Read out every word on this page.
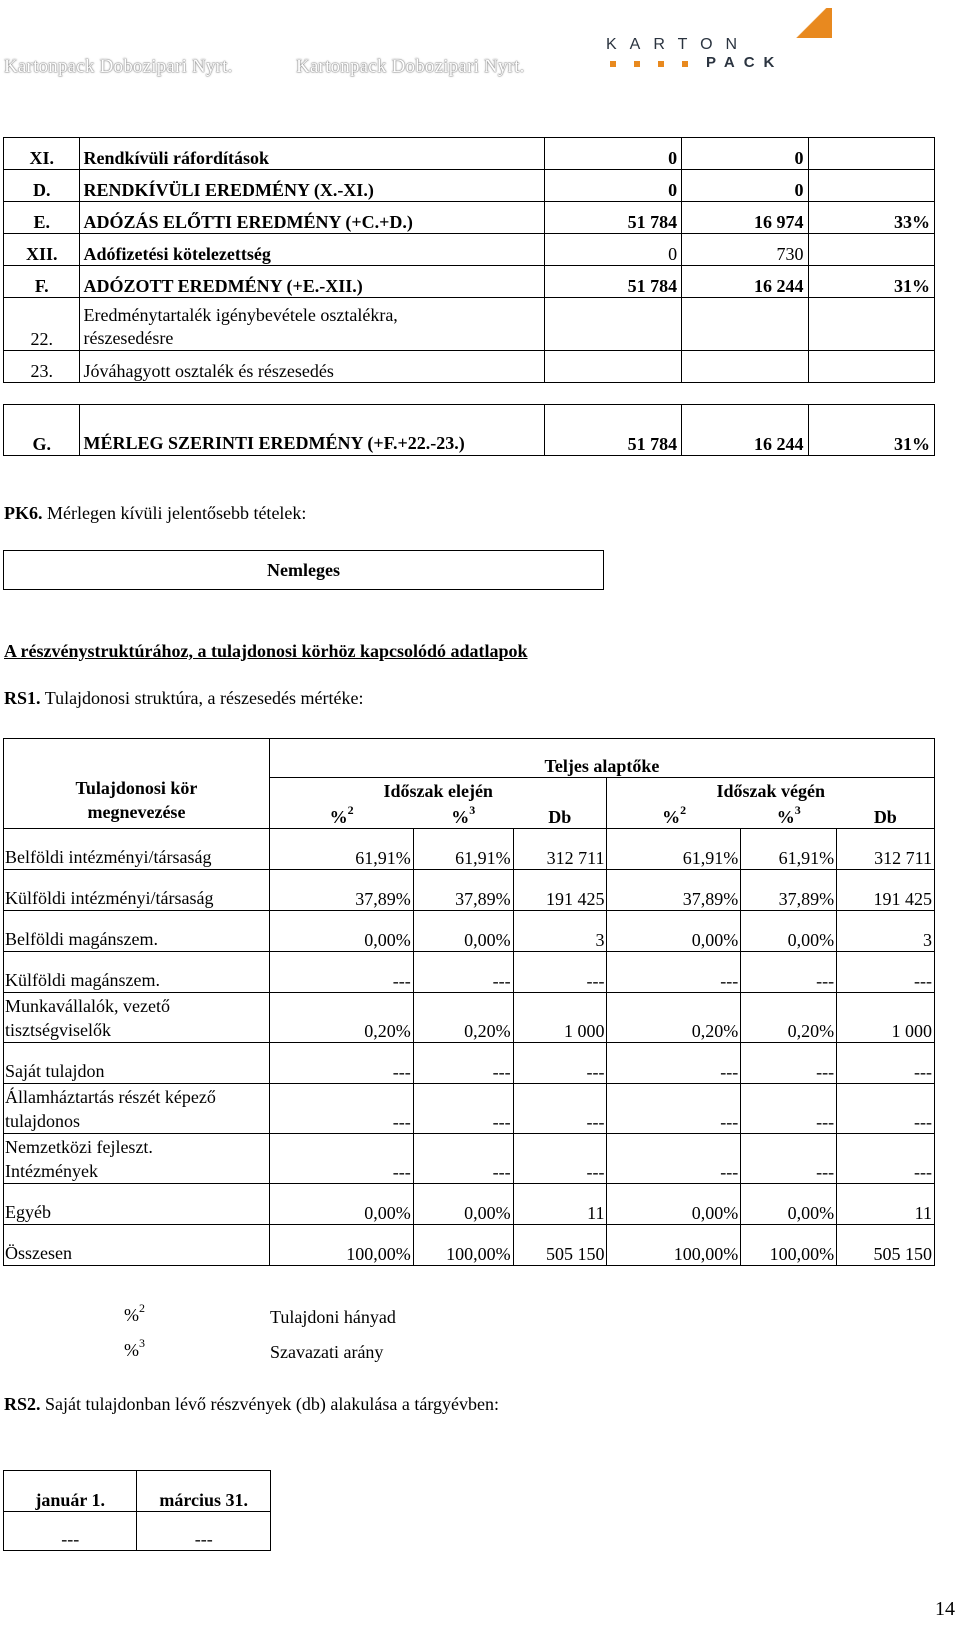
Kartonpack Dobozipari Nyrt.	Kartonpack Dobozipari Nyrt.
KARTON
PACK
XI.	Rendkívüli ráfordítások	0	0	
D.	RENDKÍVÜLI EREDMÉNY (X.-XI.)	0	0	
E.	ADÓZÁS ELŐTTI EREDMÉNY (+C.+D.)	51 784	16 974	33%
XII.	Adófizetési kötelezettség	0	730	
F.	ADÓZOTT EREDMÉNY (+E.-XII.)	51 784	16 244	31%
22.	Eredménytartalék igénybevétele osztalékra, részesedésre			

23.	Jóváhagyott osztalék és részesedés			

G.	MÉRLEG SZERINTI EREDMÉNY (+F.+22.-23.)	51 784	16 244	31%
PK6. Mérlegen kívüli jelentősebb tételek:
Nemleges
A részvénystruktúrához, a tulajdonosi körhöz kapcsolódó adatlapok
RS1. Tulajdonosi struktúra, a részesedés mértéke:
Tulajdonosi kör megnevezése	Teljes alaptőke					
	Időszak elején			Időszak végén		
	%$^2$	%$^3$	Db	%$^2$	%$^3$	Db
Belföldi intézményi/társaság	61,91%	61,91%	312 711	61,91%	61,91%	312 711
Külföldi intézményi/társaság	37,89%	37,89%	191 425	37,89%	37,89%	191 425
Belföldi magánszem.	0,00%	0,00%	3	0,00%	0,00%	3
Külföldi magánszem.	---	---	---	---	---	---

Munkavállalók, vezető tisztségviselők	0,20%	0,20%	1 000	0,20%	0,20%	1 000
Saját tulajdon	---	---	---	---	---	---

Államháztartás részét képező tulajdonos	---	---	---	---	---	---

Nemzetközi fejleszt. Intézmények	---	---	---	---	---	---
Egyéb	0,00%	0,00%	11	0,00%	0,00%	11
Összesen	100,00%	100,00%	505 150	100,00%	100,00%	505 150
%$^2$	Tulajdoni hányad
%$^3$	Szavazati arány
RS2. Saját tulajdonban lévő részvények (db) alakulása a tárgyévben:
január 1.	március 31.
---	---
14
